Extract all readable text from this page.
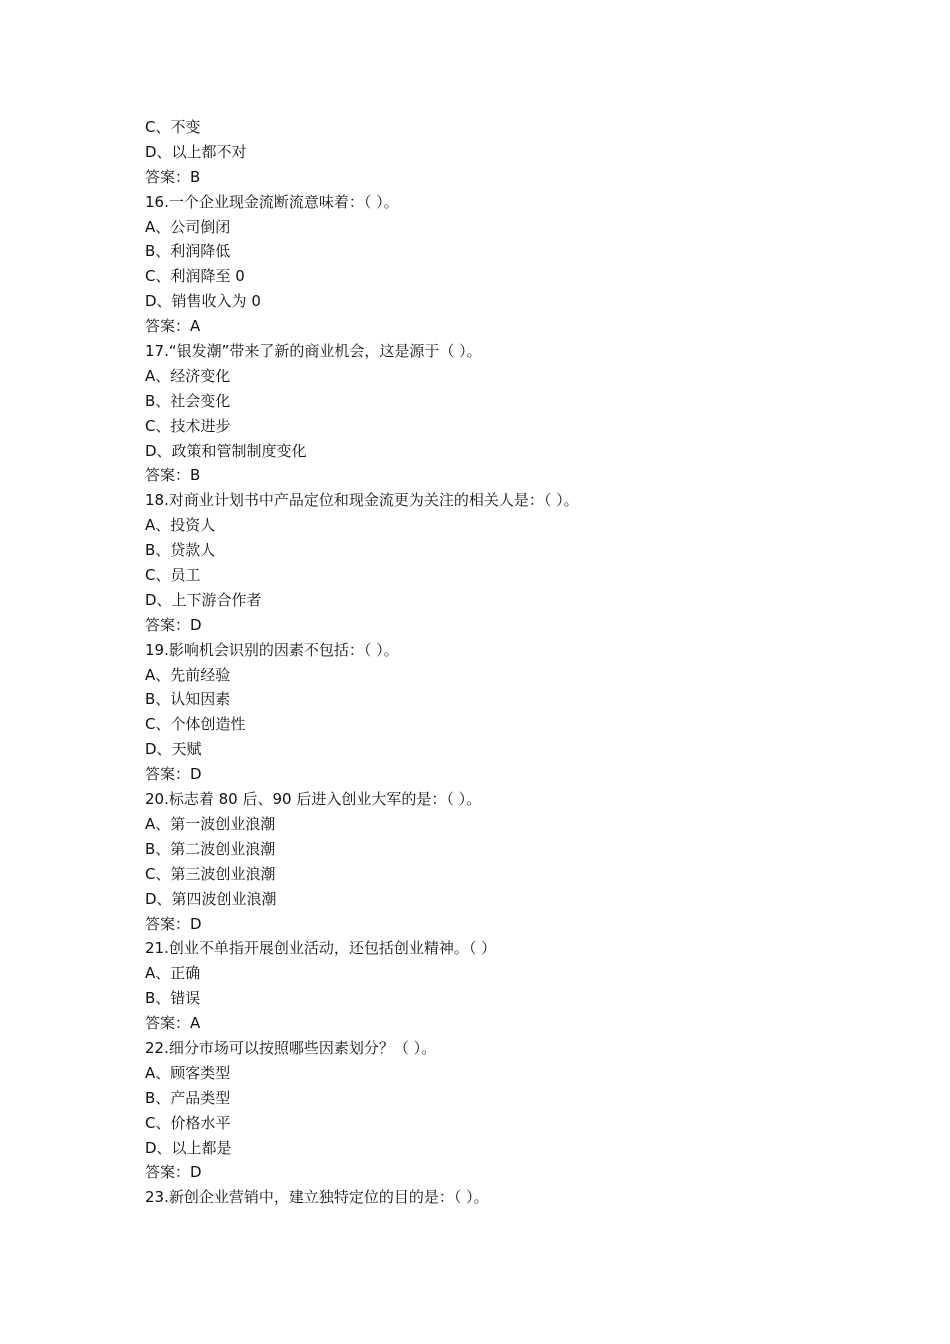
C、不变
D、以上都不对
答案：B
16.一个企业现金流断流意味着：（ ）。
A、公司倒闭
B、利润降低
C、利润降至 0
D、销售收入为 0
答案：A
17.“银发潮”带来了新的商业机会，这是源于（ ）。
A、经济变化
B、社会变化
C、技术进步
D、政策和管制制度变化
答案：B
18.对商业计划书中产品定位和现金流更为关注的相关人是：（ ）。
A、投资人
B、贷款人
C、员工
D、上下游合作者
答案：D
19.影响机会识别的因素不包括：（ ）。
A、先前经验
B、认知因素
C、个体创造性
D、天赋
答案：D
20.标志着 80 后、90 后进入创业大军的是：（ ）。
A、第一波创业浪潮
B、第二波创业浪潮
C、第三波创业浪潮
D、第四波创业浪潮
答案：D
21.创业不单指开展创业活动，还包括创业精神。（ ）
A、正确
B、错误
答案：A
22.细分市场可以按照哪些因素划分？（ ）。
A、顾客类型
B、产品类型
C、价格水平
D、以上都是
答案：D
23.新创企业营销中，建立独特定位的目的是：（ ）。
